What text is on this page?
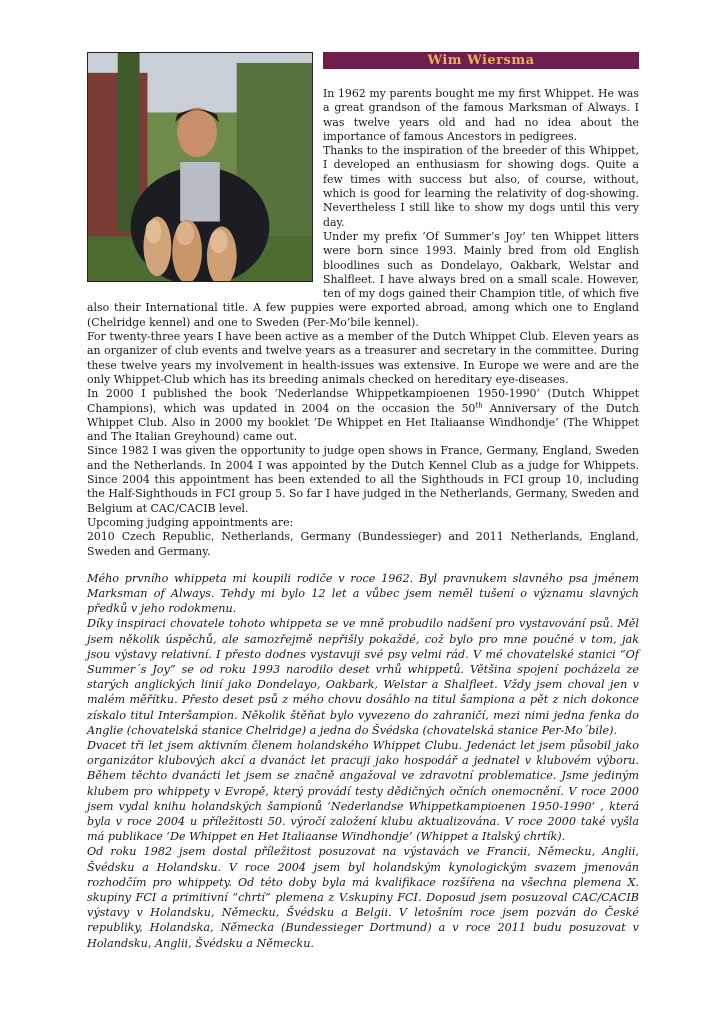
Wim Wiersma

In 1962 my parents bought me my first Whippet. He was a great grandson of the famous Marksman of Always. I was twelve years old and had no idea about the importance of famous Ancestors in pedigrees.

Thanks to the inspiration of the breeder of this Whippet, I developed an enthusiasm for showing dogs. Quite a few times with success but also, of course, without, which is good for learning the relativity of dog-showing. Nevertheless I still like to show my dogs until this very day.

Under my prefix ‘Of Summer’s Joy’ ten Whippet litters were born since 1993. Mainly bred from old English bloodlines such as Dondelayo, Oakbark, Welstar and Shalfleet. I have always bred on a small scale. However, ten of my dogs gained their Champion title, of which five also their International title. A few puppies were exported abroad, among which one to England (Chelridge kennel) and one to Sweden (Per-Mo’bile kennel).

For twenty-three years I have been active as a member of the Dutch Whippet Club. Eleven years as an organizer of club events and twelve years as a treasurer and secretary in the committee. During these twelve years my involvement in health-issues was extensive. In Europe we were and are the only Whippet-Club which has its breeding animals checked on hereditary eye-diseases.

In 2000 I published the book ‘Nederlandse Whippetkampioenen 1950-1990’ (Dutch Whippet Champions), which was updated in 2004 on the occasion the 50th Anniversary of the Dutch Whippet Club. Also in 2000 my booklet ‘De Whippet en Het Italiaanse Windhondje’ (The Whippet and The Italian Greyhound) came out.

Since 1982 I was given the opportunity to judge open shows in France, Germany, England, Sweden and the Netherlands. In 2004 I was appointed by the Dutch Kennel Club as a judge for Whippets. Since 2004 this appointment has been extended to all the Sighthouds in FCI group 10, including the Half-Sighthouds in FCI group 5. So far I have judged in the Netherlands, Germany, Sweden and Belgium at CAC/CACIB level.

Upcoming judging appointments are:

2010 Czech Republic, Netherlands, Germany (Bundessieger) and 2011 Netherlands, England, Sweden and Germany.

Mého prvního whippeta mi koupili rodiče v roce 1962. Byl pravnukem slavného psa jménem Marksman of Always. Tehdy mi bylo 12 let a vůbec jsem neměl tušení o významu slavných předků v jeho rodokmenu.

Díky inspiraci chovatele tohoto whippeta se ve mně probudilo nadšení pro vystavování psů. Měl jsem několik úspěchů, ale samozřejmě nepřišly pokaždé, což bylo pro mne poučné v tom, jak jsou výstavy relativní. I přesto dodnes vystavuji své psy velmi rád. V mé chovatelské stanici “Of Summer´s Joy” se od roku 1993 narodilo deset vrhů whippetů. Většina spojení pocházela ze starých anglických linií jako Dondelayo, Oakbark, Welstar a Shalfleet. Vždy jsem choval jen v malém měřítku. Přesto deset psů z mého chovu dosáhlo na titul šampiona a pět z nich dokonce získalo titul Interšampion. Několik štěňat bylo vyvezeno do zahraničí, mezi nimi jedna fenka do Anglie (chovatelská stanice Chelridge) a jedna do Švédska (chovatelská stanice Per-Mo´bile).

Dvacet tři let jsem aktivním členem holandského Whippet Clubu. Jedenáct let jsem působil jako organizátor klubových akcí a dvanáct let pracuji jako hospodář a jednatel v klubovém výboru. Během těchto dvanácti let jsem se značně angažoval ve zdravotní problematice. Jsme jediným klubem pro whippety v Evropě, který provádí testy dědičných očních onemocnění. V roce 2000 jsem vydal knihu holandských šampionů ‘Nederlandse Whippetkampioenen 1950-1990’ , která byla v roce 2004 u příležitosti 50. výročí založení klubu aktualizována. V roce 2000 také vyšla má publikace ‘De Whippet en Het Italiaanse Windhondje’ (Whippet a Italský chrtík).

Od roku 1982 jsem dostal příležitost posuzovat na výstavách ve Francii, Německu, Anglii, Švédsku a Holandsku. V roce 2004 jsem byl holandským kynologickým svazem jmenován rozhodčím pro whippety. Od této doby byla má kvalifikace rozšířena na všechna plemena X. skupiny FCI a primitivní “chrtí” plemena z V.skupiny FCI. Doposud jsem posuzoval CAC/CACIB výstavy v Holandsku, Německu, Švédsku a Belgii. V letošním roce jsem pozván do České republiky, Holandska, Německa (Bundessieger Dortmund) a v roce 2011 budu posuzovat v Holandsku, Anglii, Švédsku a Německu.
